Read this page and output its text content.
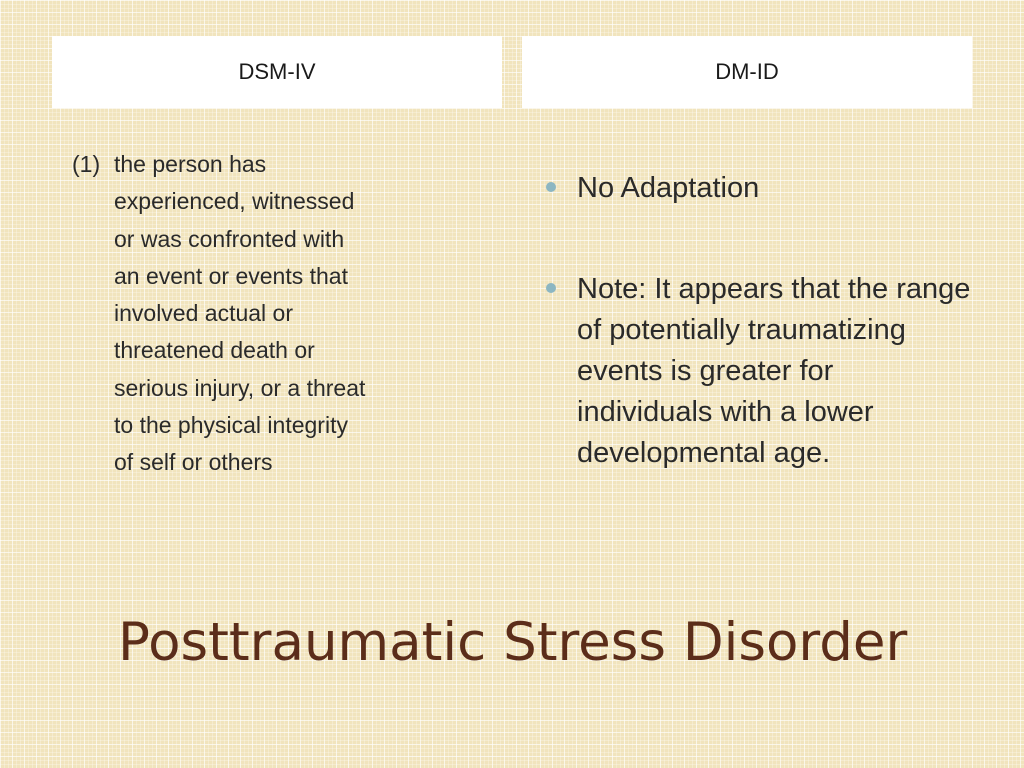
DSM-IV	DM-ID
(1) the person has experienced, witnessed or was confronted with an event or events that involved actual or threatened death or serious injury, or a threat to the physical integrity of self or others
No Adaptation
Note: It appears that the range of potentially traumatizing events is greater for individuals with a lower developmental age.
Posttraumatic Stress Disorder
